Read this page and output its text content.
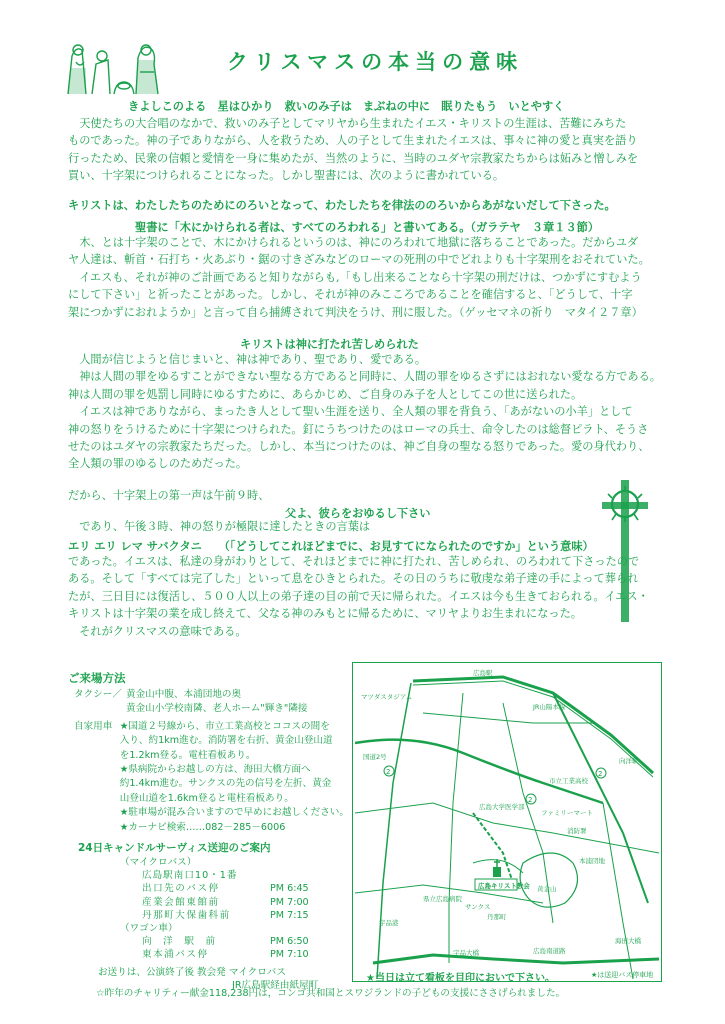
クリスマスの本当の意味
きよしこのよる　星はひかり　救いのみ子は　まぶねの中に　眠りたもう　いとやすく
天使たちの大合唱のなかで、救いのみ子としてマリヤから生まれたイエス・キリストの生涯は、苦難にみちた
ものであった。神の子でありながら、人を救うため、人の子として生まれたイエスは、事々に神の愛と真実を語り
行ったため、民衆の信頼と愛情を一身に集めたが、当然のように、当時のユダヤ宗教家たちからは妬みと憎しみを
買い、十字架につけられることになった。しかし聖書には、次のように書かれている。
キリストは、わたしたちのためにのろいとなって、わたしたちを律法ののろいからあがないだして下さった。
聖書に「木にかけられる者は、すべてのろわれる」と書いてある。（ガラテヤ　３章１３節）
木、とは十字架のことで、木にかけられるというのは、神にのろわれて地獄に落ちることであった。だからユダ
ヤ人達は、斬首・石打ち・火あぶり・鋸の寸きざみなどのローマの死刑の中でどれよりも十字架刑をおそれていた。
イエスも、それが神のご計画であると知りながらも,「もし出来ることなら十字架の刑だけは、つかずにすむよう
にして下さい」と祈ったことがあった。しかし、それが神のみこころであることを確信すると、「どうして、十字
架につかずにおれようか」と言って自ら捕縛されて判決をうけ、刑に服した。（ゲッセマネの祈り　マタイ２７章）
キリストは神に打たれ苦しめられた
人間が信じようと信じまいと、神は神であり、聖であり、愛である。
神は人間の罪をゆるすことができない聖なる方であると同時に、人間の罪をゆるさずにはおれない愛なる方である。
神は人間の罪を処罰し同時にゆるすために、あらかじめ、ご自身のみ子を人としてこの世に送られた。
イエスは神でありながら、まったき人として聖い生涯を送り、全人類の罪を背負う、「あがないの小羊」として
神の怒りをうけるために十字架につけられた。釘にうちつけたのはローマの兵士、命令したのは総督ピラト、そうさ
せたのはユダヤの宗教家たちだった。しかし、本当につけたのは、神ご自身の聖なる怒りであった。愛の身代わり、
全人類の罪のゆるしのためだった。
だから、十字架上の第一声は午前９時、
父よ、彼らをおゆるし下さい
であり、午後３時、神の怒りが極限に達したときの言葉は
エリ エリ レマ サバクタニ　　（「どうしてこれほどまでに、お見すてになられたのですか」という意味）
であった。イエスは、私達の身がわりとして、それほどまでに神に打たれ、苦しめられ、のろわれて下さったので
ある。そして「すべては完了した」といって息をひきとられた。その日のうちに敬虔な弟子達の手によって葬られ
たが、三日目には復活し、５００人以上の弟子達の目の前で天に帰られた。イエスは今も生きておられる。イエス・
キリストは十字架の業を成し終えて、父なる神のみもとに帰るために、マリヤよりお生まれになった。
それがクリスマスの意味である。
ご来場方法
タクシー／ 黄金山中腹、本浦団地の奥
黄金山小学校南隣、老人ホーム"輝き"隣接
自家用車 ★国道２号線から、市立工業高校とココスの間を
入り、約1km進む。消防署を右折、黄金山登山道
を1.2km登る。電柱看板あり。
★県病院からお越しの方は、海田大橋方面へ
約1.4km進む。サンクスの先の信号を左折、黄金
山登山道を1.6km登ると電柱看板あり。
★駐車場が混み合いますので早めにお越しください。
★カーナビ検索‥‥‥082－285－6006
24日キャンドルサーヴィス送迎のご案内
（マイクロバス）
広島駅南口10・1番
出口先のバス停	PM 6:45
産業会館東館前	PM 7:00
丹那町大保歯科前	PM 7:15
（ワゴン車）
向　洋　駅　前	PM 6:50
東本浦バス停	PM 7:10
お送りは、公演終了後 教会発 マイクロバス
JR広島駅経由紙屋町
2
2
2
広島キリスト教会
広島駅
マツダスタジアム
JR山陽本線
向洋駅
国道2号
広島大学医学部
県立広島病院
黄金山
宇品港
ファミリーマート
消防署
市立工業高校
本浦団地
サンクス
丹那町
宇品大橋	広島南道路
海田大橋
★当日は立て看板を目印においで下さい。	★は送迎バス停車地
☆昨年のチャリティー献金118,238円は，コンゴ共和国とスワジランドの子どもの支援にささげられました。
